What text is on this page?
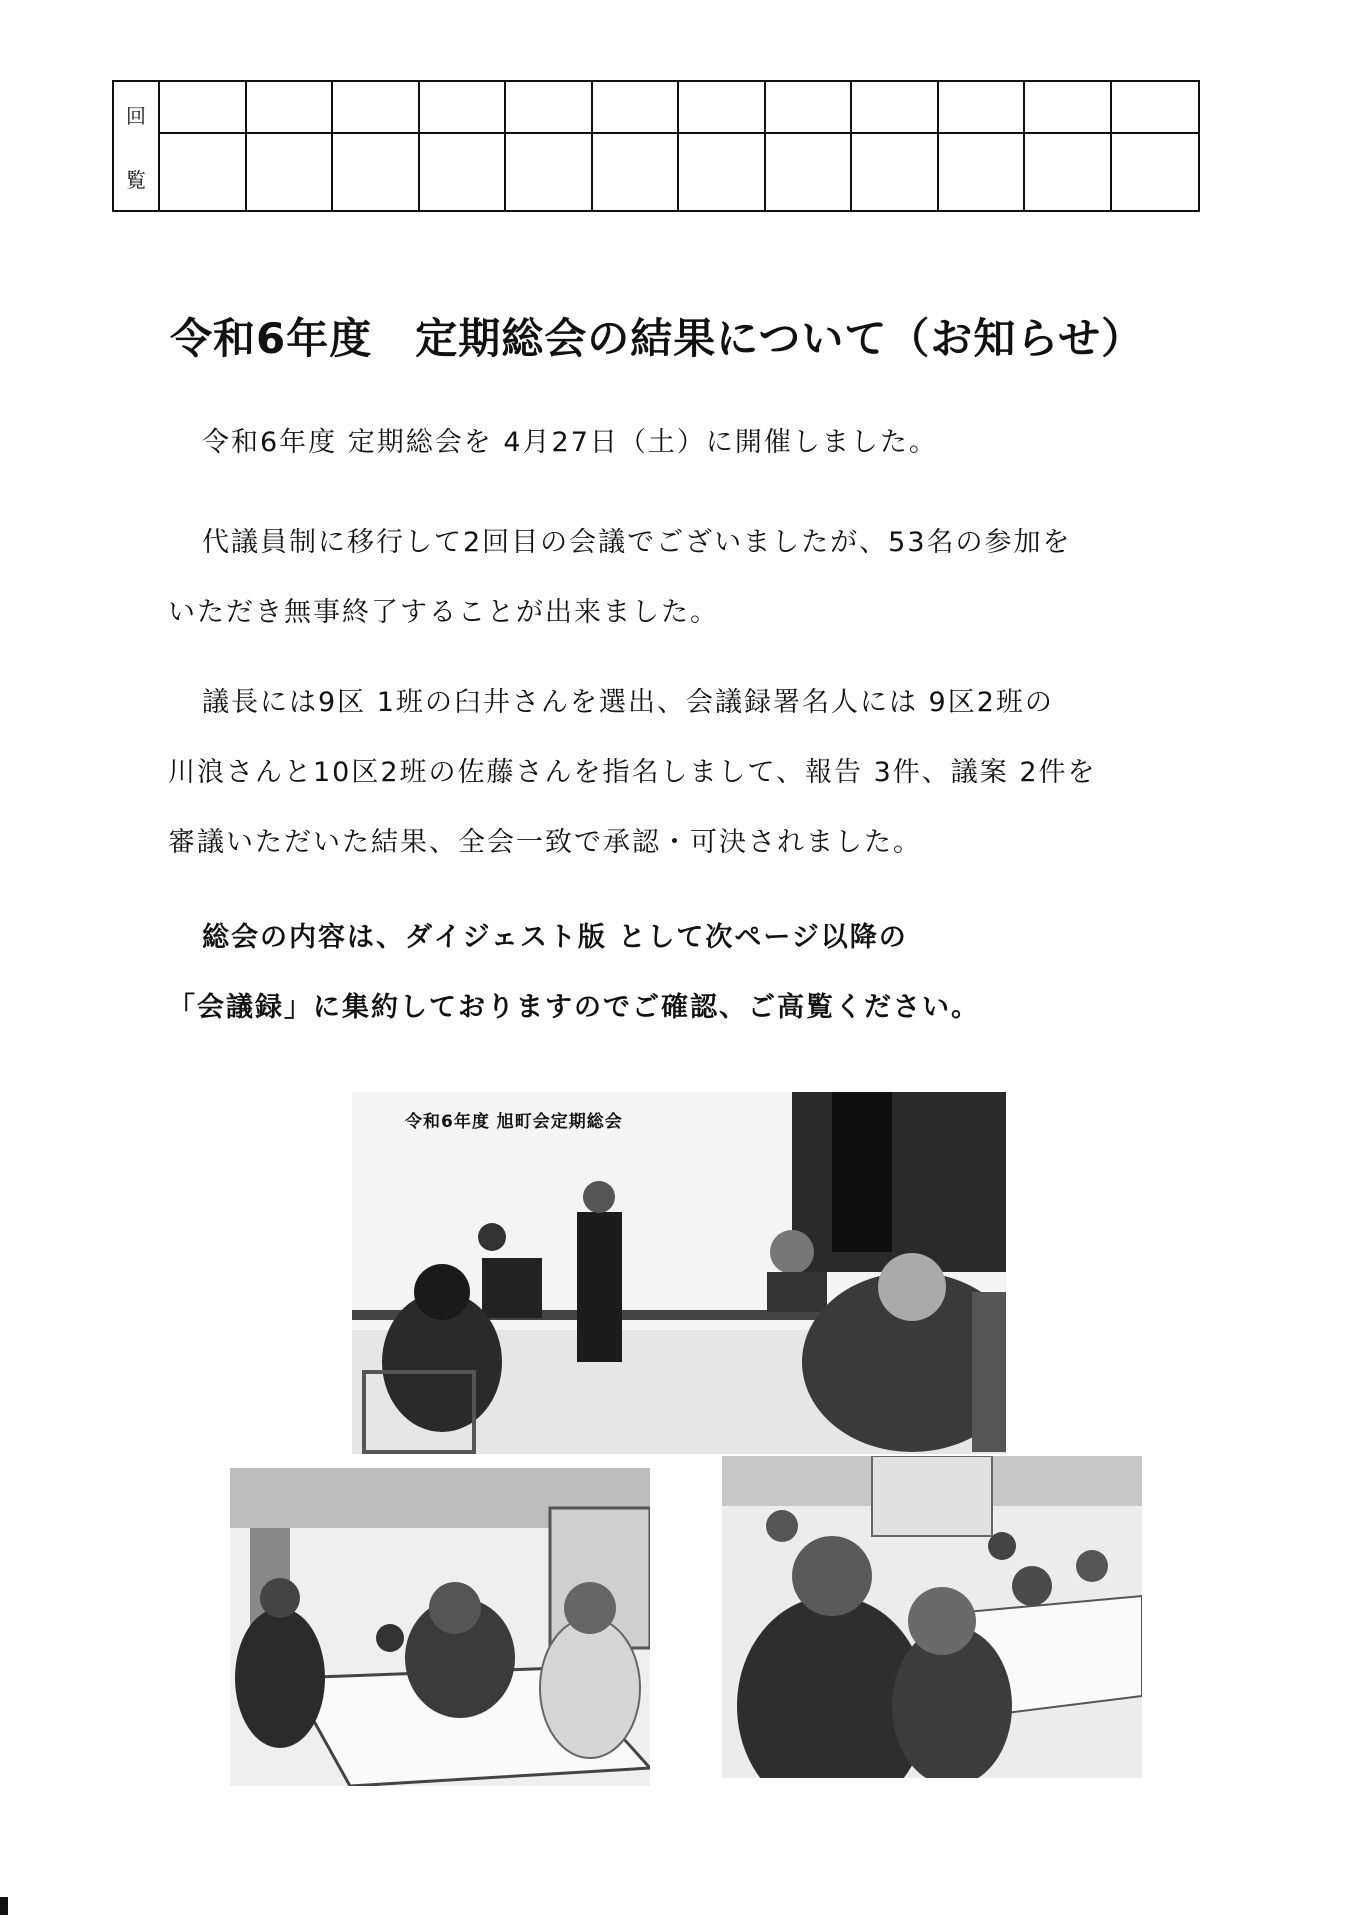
回
覧
令和6年度　定期総会の結果について（お知らせ）
令和6年度 定期総会を 4月27日（土）に開催しました。
代議員制に移行して2回目の会議でございましたが、53名の参加を
いただき無事終了することが出来ました。
議長には9区 1班の臼井さんを選出、会議録署名人には 9区2班の
川浪さんと10区2班の佐藤さんを指名しまして、報告 3件、議案 2件を
審議いただいた結果、全会一致で承認・可決されました。
総会の内容は、ダイジェスト版 として次ページ以降の
「会議録」に集約しておりますのでご確認、ご高覧ください。
令和6年度 旭町会定期総会
